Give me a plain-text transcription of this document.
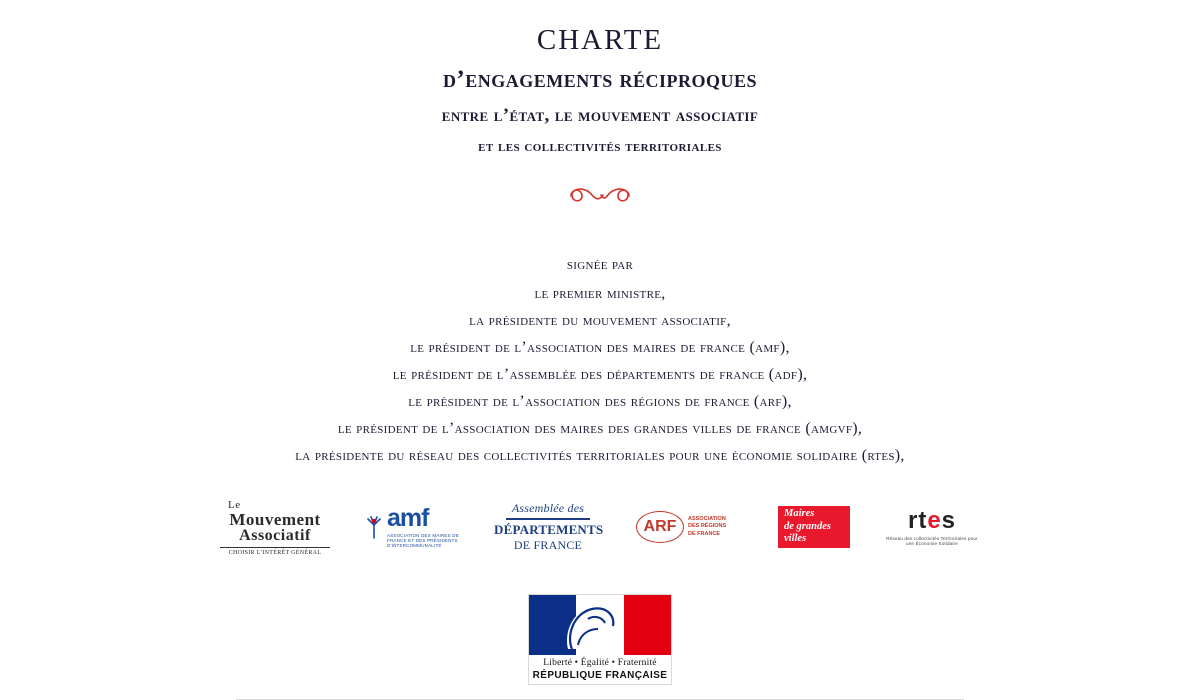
charte
d’engagements réciproques
entre l’état, le mouvement associatif
et les collectivités territoriales
signée par
le premier ministre,
la présidente du mouvement associatif,
le président de l’association des maires de france (amf),
le président de l’assemblée des départements de france (adf),
le président de l’association des régions de france (arf),
le président de l’association des maires des grandes villes de france (amgvf),
la présidente du réseau des collectivités territoriales pour une économie solidaire (rtes),
Le
Mouvement
Associatif
CHOISIR L’INTÉRÊT GÉNÉRAL
amf
ASSOCIATION DES MAIRES DE FRANCE ET DES PRÉSIDENTS D’INTERCOMMUNALITÉ
Assemblée des
DÉPARTEMENTS
DE FRANCE
ARF	ASSOCIATION
DES RÉGIONS
DE FRANCE
Maires
de grandes
villes
rtes
Réseau des collectivités Territoriales pour une Économie Solidaire
Liberté • Égalité • Fraternité
RÉPUBLIQUE FRANÇAISE
